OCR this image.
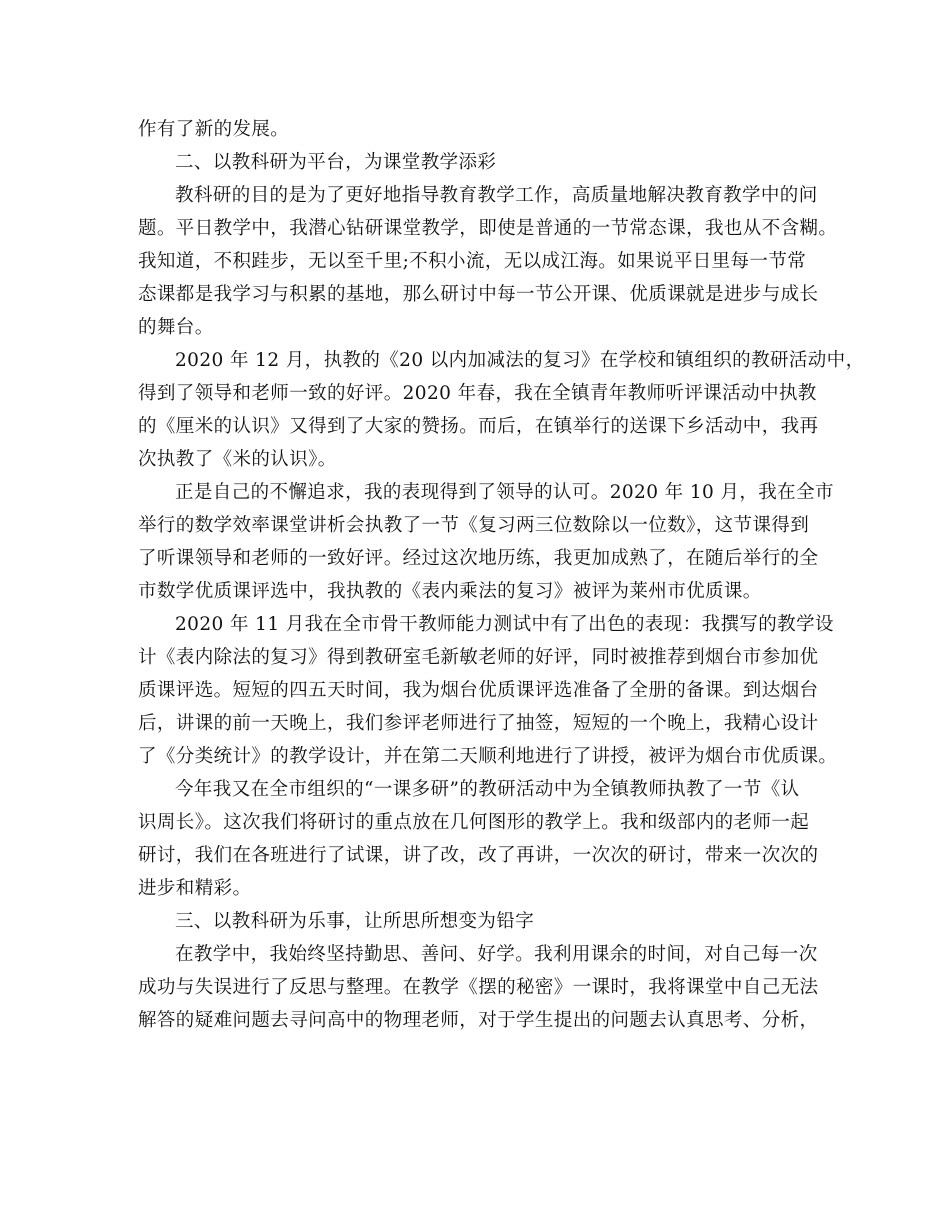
作有了新的发展。
二、以教科研为平台，为课堂教学添彩
教科研的目的是为了更好地指导教育教学工作，高质量地解决教育教学中的问
题。平日教学中，我潜心钻研课堂教学，即使是普通的一节常态课，我也从不含糊。
我知道，不积跬步，无以至千里;不积小流，无以成江海。如果说平日里每一节常
态课都是我学习与积累的基地，那么研讨中每一节公开课、优质课就是进步与成长
的舞台。
2020 年 12 月，执教的《20 以内加减法的复习》在学校和镇组织的教研活动中，
得到了领导和老师一致的好评。2020 年春，我在全镇青年教师听评课活动中执教
的《厘米的认识》又得到了大家的赞扬。而后，在镇举行的送课下乡活动中，我再
次执教了《米的认识》。
正是自己的不懈追求，我的表现得到了领导的认可。2020 年 10 月，我在全市
举行的数学效率课堂讲析会执教了一节《复习两三位数除以一位数》，这节课得到
了听课领导和老师的一致好评。经过这次地历练，我更加成熟了，在随后举行的全
市数学优质课评选中，我执教的《表内乘法的复习》被评为莱州市优质课。
2020 年 11 月我在全市骨干教师能力测试中有了出色的表现：我撰写的教学设
计《表内除法的复习》得到教研室毛新敏老师的好评，同时被推荐到烟台市参加优
质课评选。短短的四五天时间，我为烟台优质课评选准备了全册的备课。到达烟台
后，讲课的前一天晚上，我们参评老师进行了抽签，短短的一个晚上，我精心设计
了《分类统计》的教学设计，并在第二天顺利地进行了讲授，被评为烟台市优质课。
今年我又在全市组织的“一课多研”的教研活动中为全镇教师执教了一节《认
识周长》。这次我们将研讨的重点放在几何图形的教学上。我和级部内的老师一起
研讨，我们在各班进行了试课，讲了改，改了再讲，一次次的研讨，带来一次次的
进步和精彩。
三、以教科研为乐事，让所思所想变为铅字
在教学中，我始终坚持勤思、善问、好学。我利用课余的时间，对自己每一次
成功与失误进行了反思与整理。在教学《摆的秘密》一课时，我将课堂中自己无法
解答的疑难问题去寻问高中的物理老师，对于学生提出的问题去认真思考、分析，
